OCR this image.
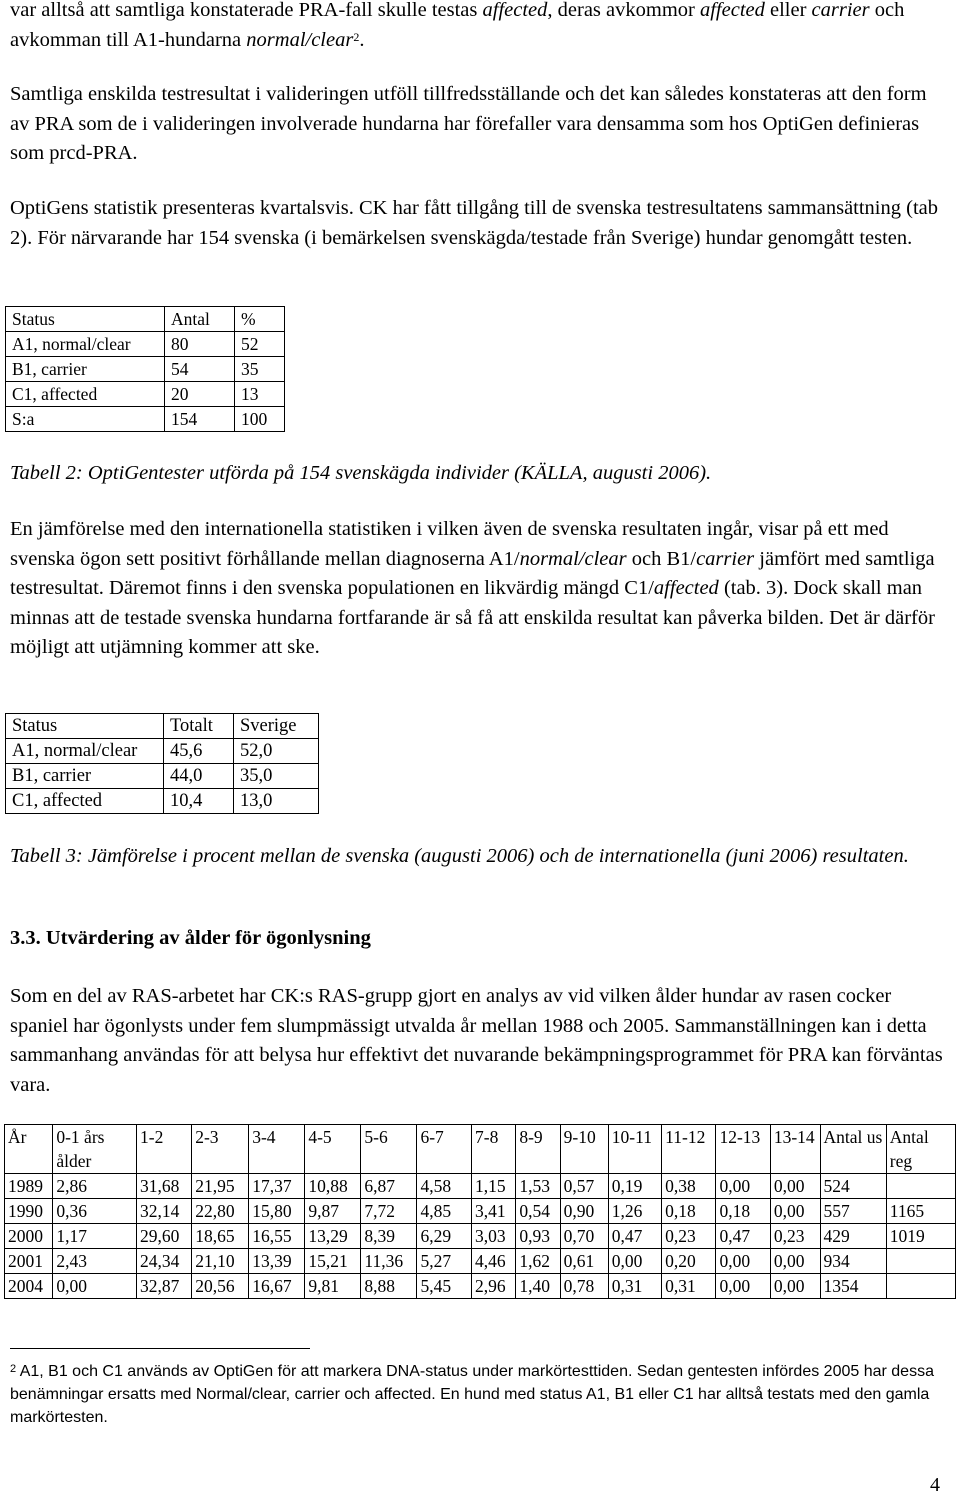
var alltså att samtliga konstaterade PRA-fall skulle testas affected, deras avkommor affected eller carrier och avkomman till A1-hundarna normal/clear$^2$.

Samtliga enskilda testresultat i valideringen utföll tillfredsställande och det kan således konstateras att den form av PRA som de i valideringen involverade hundarna har förefaller vara densamma som hos OptiGen definieras som prcd-PRA.

OptiGens statistik presenteras kvartalsvis. CK har fått tillgång till de svenska testresultatens sammansättning (tab 2). För närvarande har 154 svenska (i bemärkelsen svenskägda/testade från Sverige) hundar genomgått testen.

Status	Antal	%
A1, normal/clear	80	52
B1, carrier	54	35
C1, affected	20	13
S:a	154	100

Tabell 2: OptiGentester utförda på 154 svenskägda individer (KÄLLA, augusti 2006).

En jämförelse med den internationella statistiken i vilken även de svenska resultaten ingår, visar på ett med svenska ögon sett positivt förhållande mellan diagnoserna A1/normal/clear och B1/carrier jämfört med samtliga testresultat. Däremot finns i den svenska populationen en likvärdig mängd C1/affected (tab. 3). Dock skall man minnas att de testade svenska hundarna fortfarande är så få att enskilda resultat kan påverka bilden. Det är därför möjligt att utjämning kommer att ske.

Status	Totalt	Sverige
A1, normal/clear	45,6	52,0
B1, carrier	44,0	35,0
C1, affected	10,4	13,0

Tabell 3: Jämförelse i procent mellan de svenska (augusti 2006) och de internationella (juni 2006) resultaten.

3.3. Utvärdering av ålder för ögonlysning

Som en del av RAS-arbetet har CK:s RAS-grupp gjort en analys av vid vilken ålder hundar av rasen cocker spaniel har ögonlysts under fem slumpmässigt utvalda år mellan 1988 och 2005. Sammanställningen kan i detta sammanhang användas för att belysa hur effektivt det nuvarande bekämpningsprogrammet för PRA kan förväntas vara.

År	0-1 års ålder	1-2	2-3	3-4	4-5	5-6	6-7	7-8	8-9	9-10	10-11	11-12	12-13	13-14	Antal us	Antal reg
1989	2,86	31,68	21,95	17,37	10,88	6,87	4,58	1,15	1,53	0,57	0,19	0,38	0,00	0,00	524	
1990	0,36	32,14	22,80	15,80	9,87	7,72	4,85	3,41	0,54	0,90	1,26	0,18	0,18	0,00	557	1165
2000	1,17	29,60	18,65	16,55	13,29	8,39	6,29	3,03	0,93	0,70	0,47	0,23	0,47	0,23	429	1019
2001	2,43	24,34	21,10	13,39	15,21	11,36	5,27	4,46	1,62	0,61	0,00	0,20	0,00	0,00	934	
2004	0,00	32,87	20,56	16,67	9,81	8,88	5,45	2,96	1,40	0,78	0,31	0,31	0,00	0,00	1354	

$^2$ A1, B1 och C1 används av OptiGen för att markera DNA-status under markörtesttiden. Sedan gentesten infördes 2005 har dessa benämningar ersatts med Normal/clear, carrier och affected. En hund med status A1, B1 eller C1 har alltså testats med den gamla markörtesten.

4
